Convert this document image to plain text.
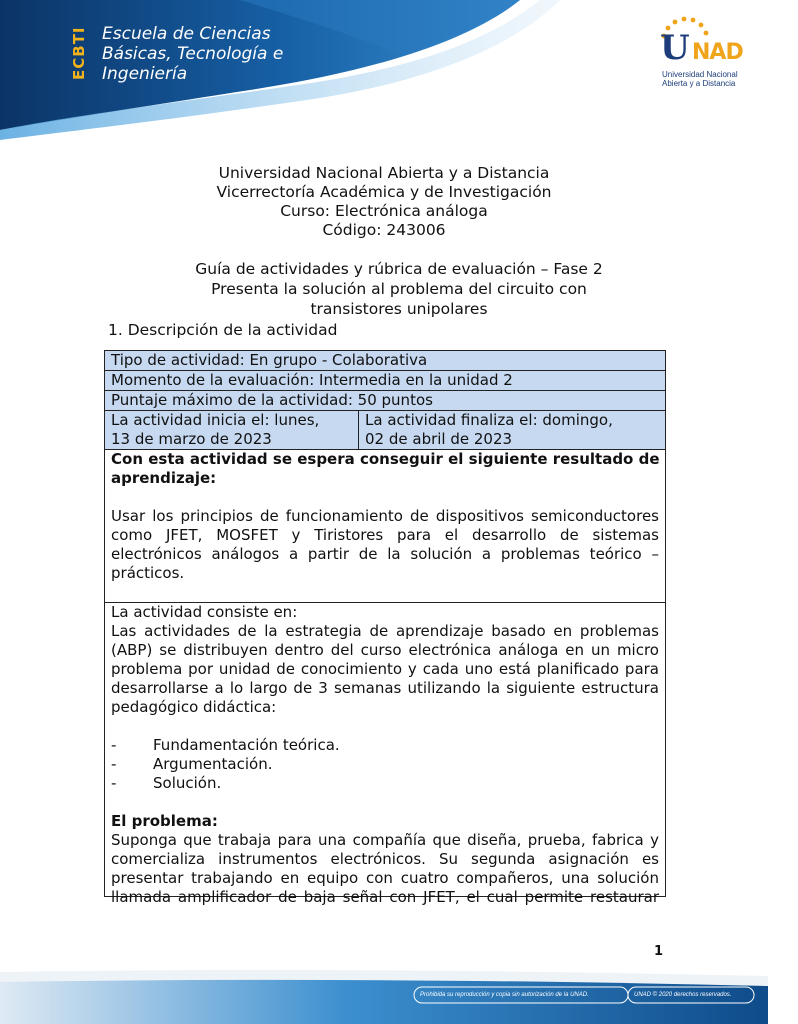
ECBTI Escuela de Ciencias
Básicas, Tecnología e
Ingeniería
U NAD
Universidad Nacional
Abierta y a Distancia
Universidad Nacional Abierta y a Distancia
Vicerrectoría Académica y de Investigación
Curso: Electrónica análoga
Código: 243006
Guía de actividades y rúbrica de evaluación – Fase 2
Presenta la solución al problema del circuito con
transistores unipolares
1. Descripción de la actividad
Tipo de actividad: En grupo - Colaborativa
Momento de la evaluación: Intermedia en la unidad 2
Puntaje máximo de la actividad: 50 puntos
La actividad inicia el: lunes,
13 de marzo de 2023
La actividad finaliza el: domingo,
02 de abril de 2023
Con esta actividad se espera conseguir el siguiente resultado de
aprendizaje:

Usar los principios de funcionamiento de dispositivos semiconductores como JFET, MOSFET y Tiristores para el desarrollo de sistemas electrónicos análogos a partir de la solución a problemas teórico – prácticos.

La actividad consiste en:

Las actividades de la estrategia de aprendizaje basado en problemas (ABP) se distribuyen dentro del curso electrónica análoga en un micro problema por unidad de conocimiento y cada uno está planificado para desarrollarse a lo largo de 3 semanas utilizando la siguiente estructura pedagógico didáctica:

-	Fundamentación teórica.
-	Argumentación.
-	Solución.
El problema:

Suponga que trabaja para una compañía que diseña, prueba, fabrica y comercializa instrumentos electrónicos. Su segunda asignación es presentar trabajando en equipo con cuatro compañeros, una solución llamada amplificador de baja señal con JFET, el cual permite restaurar

1
Prohibida su reproducción y copia sin autorización de la UNAD.	UNAD © 2020 derechos reservados.
